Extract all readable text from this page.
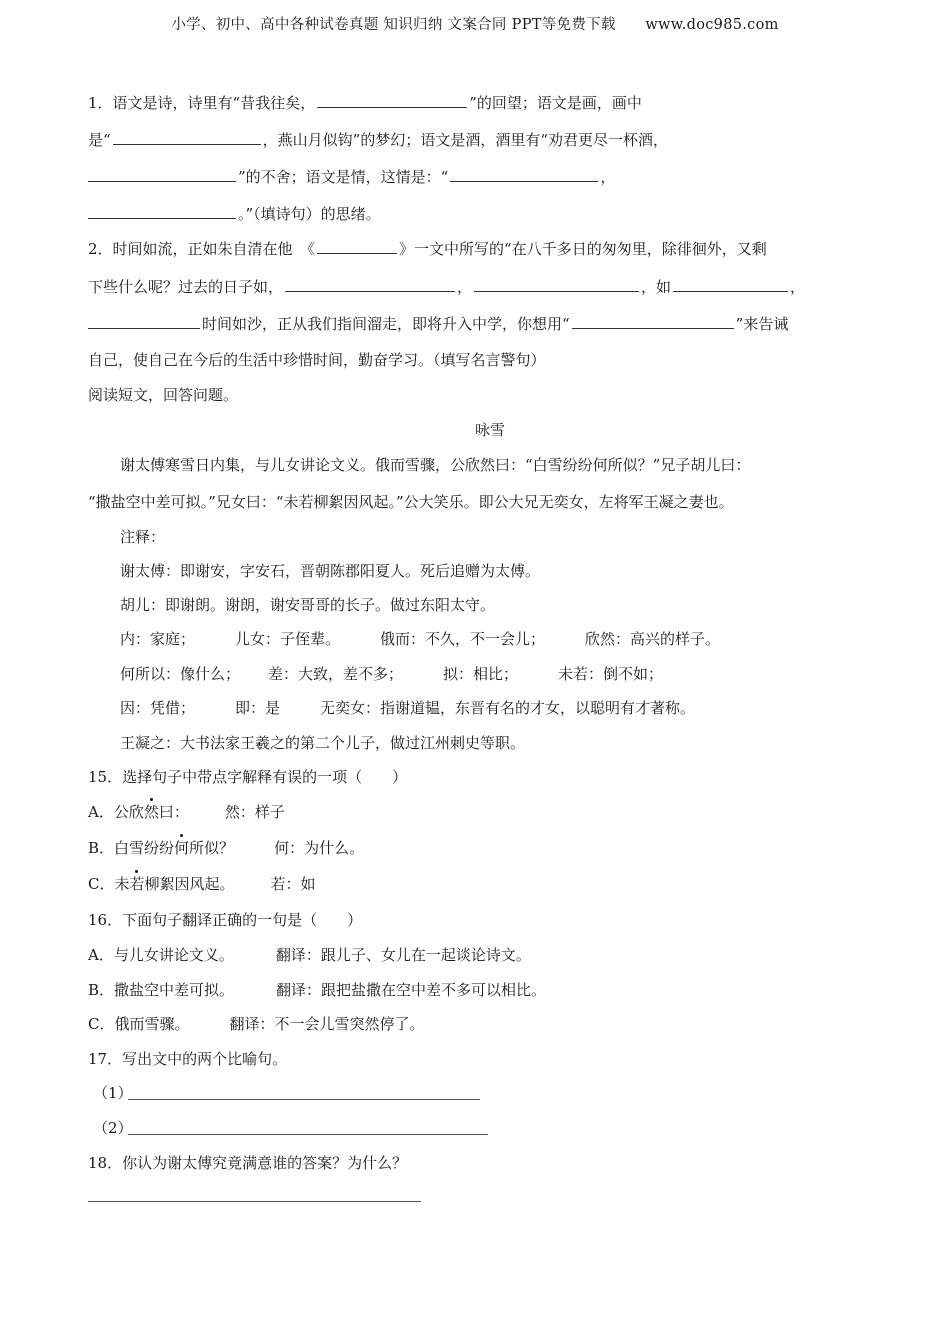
小学、初中、高中各种试卷真题 知识归纳 文案合同 PPT等免费下载　　www.doc985.com
1．语文是诗，诗里有“昔我往矣，	”的回望；语文是画，画中
是“	，燕山月似钩”的梦幻；语文是酒，酒里有“劝君更尽一杯酒，
”的不舍；语文是情，这情是：“	，
。”（填诗句）的思绪。
2．时间如流，正如朱自清在他　《	》一文中所写的“在八千多日的匆匆里，除徘徊外，又剩
下些什么呢？过去的日子如，	，	，如	，
时间如沙，正从我们指间溜走，即将升入中学，你想用“	”来告诫
自己，使自己在今后的生活中珍惜时间，勤奋学习。（填写名言警句）
阅读短文，回答问题。
咏雪
谢太傅寒雪日内集，与儿女讲论文义。俄而雪骤，公欣然曰：“白雪纷纷何所似？”兄子胡儿曰：
“撒盐空中差可拟。”兄女曰：“未若柳絮因风起。”公大笑乐。即公大兄无奕女，左将军王凝之妻也。
注释：
谢太傅：即谢安，字安石，晋朝陈郡阳夏人。死后追赠为太傅。
胡儿：即谢朗。谢朗，谢安哥哥的长子。做过东阳太守。
内：家庭；	儿女：子侄辈。	俄而：不久，不一会儿；	欣然：高兴的样子。
何所以：像什么； 差：大致，差不多；	拟：相比；	未若：倒不如；
因：凭借；	即：是	无奕女：指谢道韫，东晋有名的才女，以聪明有才著称。
王凝之：大书法家王羲之的第二个儿子，做过江州刺史等职。
15．选择句子中带点字解释有误的一项（　　）
A．公欣然曰： 然：样子
B．白雪纷纷何所似？	何：为什么。
C．未若柳絮因风起。 若：如
16．下面句子翻译正确的一句是（　　）
A．与儿女讲论文义。	翻译：跟儿子、女儿在一起谈论诗文。
B．撒盐空中差可拟。	翻译：跟把盐撒在空中差不多可以相比。
C．俄而雪骤。	翻译：不一会儿雪突然停了。
17．写出文中的两个比喻句。
（1）
（2）
18．你认为谢太傅究竟满意谁的答案？为什么？
